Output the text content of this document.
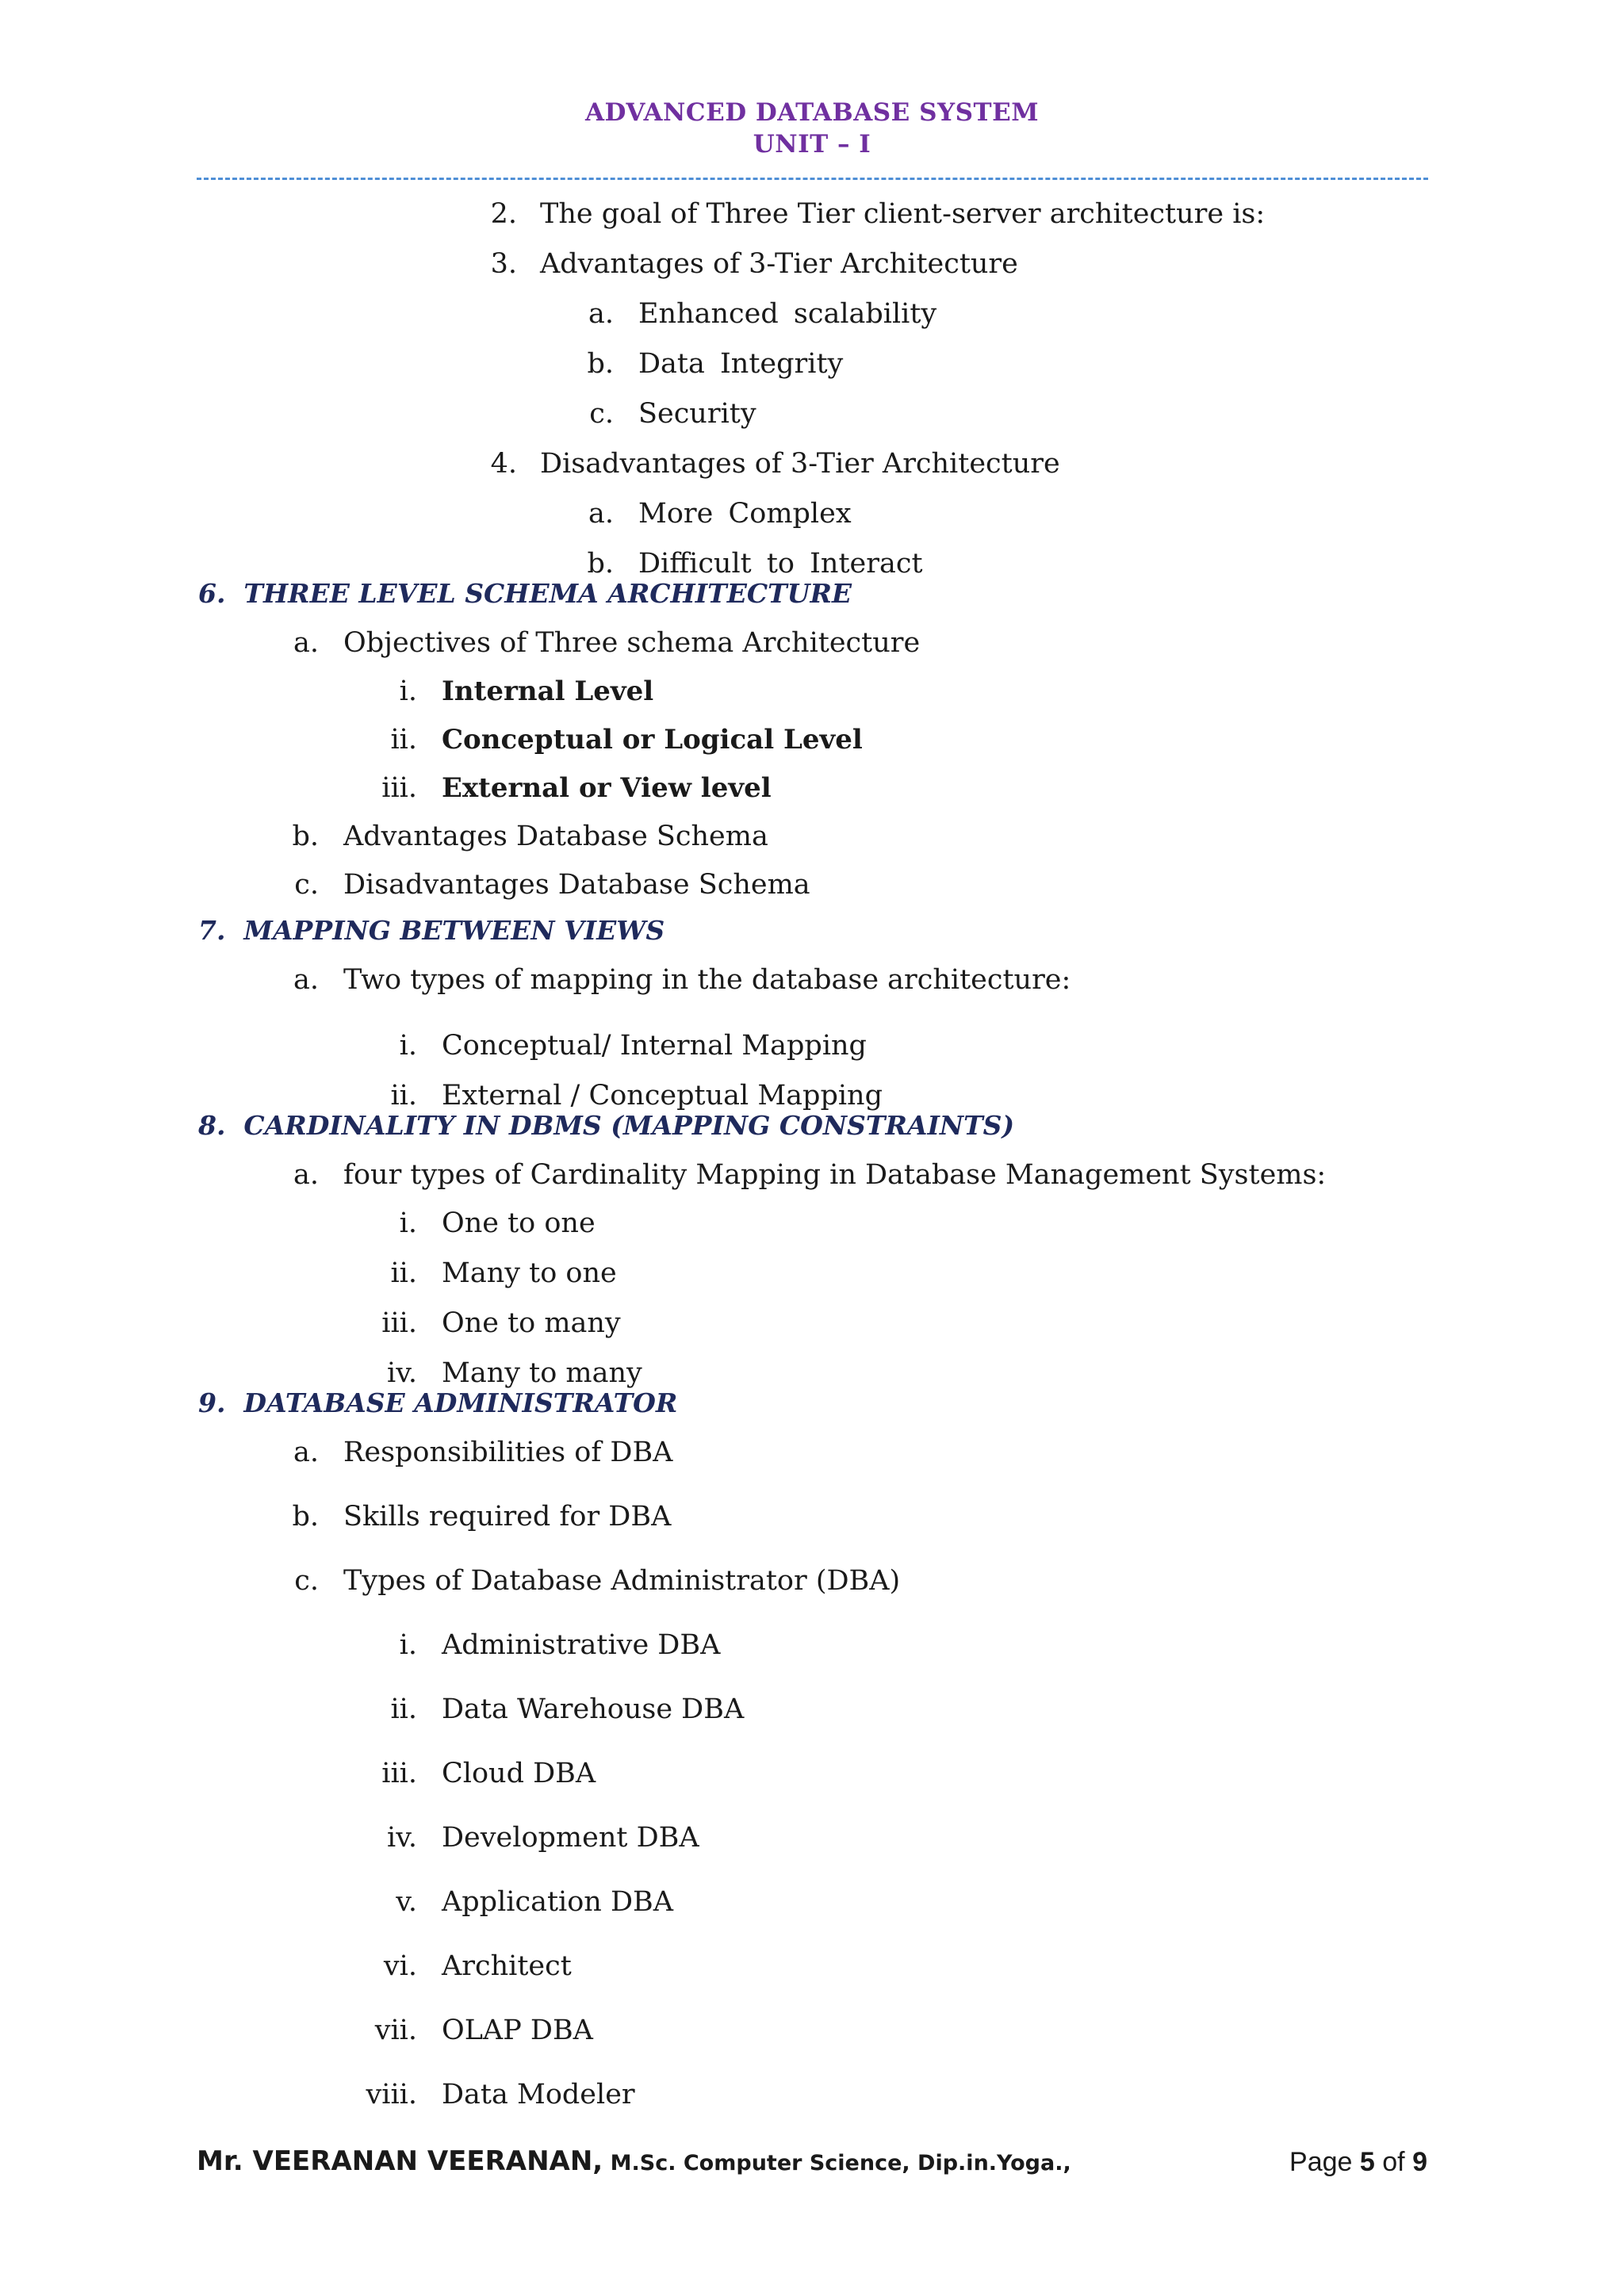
ADVANCED DATABASE SYSTEM
UNIT – I
2. The goal of Three Tier client-server architecture is:
3. Advantages of 3-Tier Architecture
a. Enhanced scalability
b. Data Integrity
c. Security
4. Disadvantages of 3-Tier Architecture
a. More Complex
b. Difficult to Interact
6.  THREE LEVEL SCHEMA ARCHITECTURE
a. Objectives of Three schema Architecture
i. Internal Level
ii. Conceptual or Logical Level
iii. External or View level
b. Advantages Database Schema
c. Disadvantages Database Schema
7.  MAPPING BETWEEN VIEWS
a. Two types of mapping in the database architecture:
i. Conceptual/ Internal Mapping
ii. External / Conceptual Mapping
8.  CARDINALITY IN DBMS (MAPPING CONSTRAINTS)
a. four types of Cardinality Mapping in Database Management Systems:
i. One to one
ii. Many to one
iii. One to many
iv. Many to many
9.  DATABASE ADMINISTRATOR
a. Responsibilities of DBA
b. Skills required for DBA
c. Types of Database Administrator (DBA)
i. Administrative DBA
ii. Data Warehouse DBA
iii. Cloud DBA
iv. Development DBA
v. Application DBA
vi. Architect
vii. OLAP DBA
viii. Data Modeler
Mr. VEERANAN VEERANAN, M.Sc. Computer Science, Dip.in.Yoga.,	Page 5 of 9
